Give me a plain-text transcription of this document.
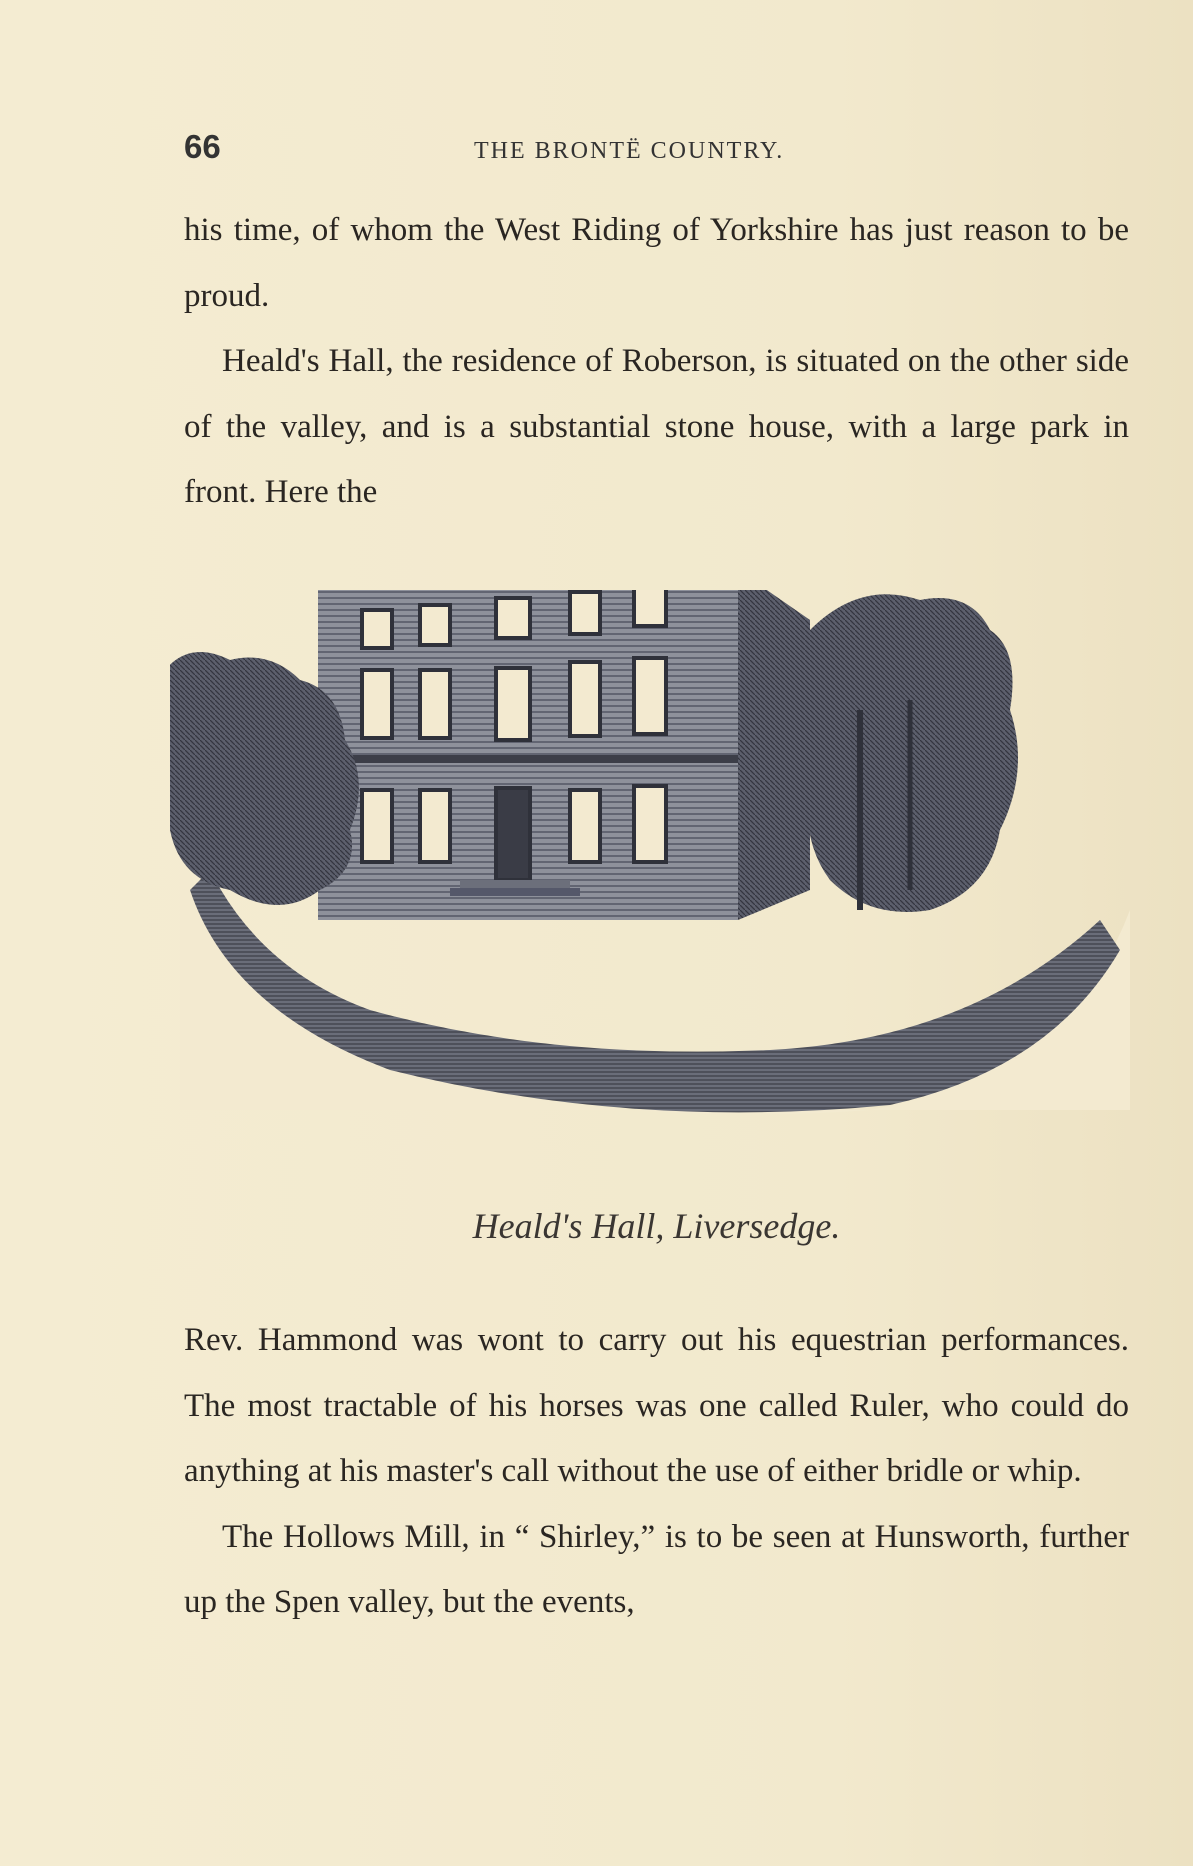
66	THE BRONTË COUNTRY.

his time, of whom the West Riding of Yorkshire has just reason to be proud.

Heald's Hall, the residence of Roberson, is situated on the other side of the valley, and is a substantial stone house, with a large park in front. Here the

Heald's Hall, Liversedge.

Rev. Hammond was wont to carry out his equestrian performances. The most tractable of his horses was one called Ruler, who could do anything at his master's call without the use of either bridle or whip.

The Hollows Mill, in “ Shirley,” is to be seen at Hunsworth, further up the Spen valley, but the events,
